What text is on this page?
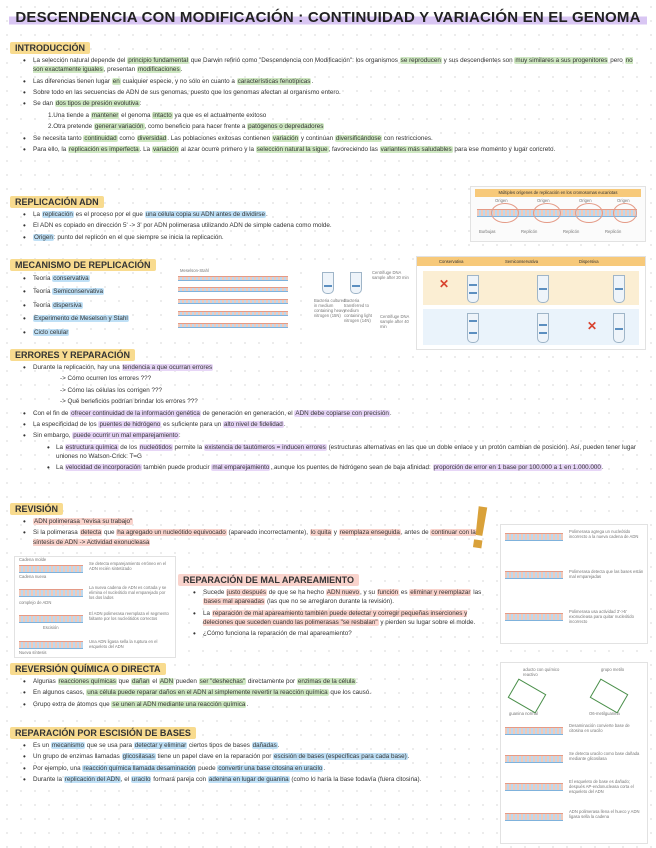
DESCENDENCIA CON MODIFICACIÓN : CONTINUIDAD Y VARIACIÓN EN EL GENOMA
INTRODUCCIÓN
• La selección natural depende del principio fundamental que Darwin refirió como "Descendencia con Modificación": los organismos se reproducen y sus descendientes son muy similares a sus progenitores pero no son exactamente iguales, presentan modificaciones.
• Las diferencias tienen lugar en cualquier especie, y no sólo en cuanto a características fenotípicas.
• Sobre todo en las secuencias de ADN de sus genomas, puesto que los genomas afectan al organismo entero.
• Se dan dos tipos de presión evolutiva:
1.Una tiende a mantener el genoma intacto ya que es el actualmente exitoso
2.Otra pretende generar variación, como beneficio para hacer frente a patógenos o depredadores
• Se necesita tanto continuidad como diversidad. Las poblaciones exitosas contienen variación y continúan diversificándose con restricciones.
• Para ello, la replicación es imperfecta. La variación al azar ocurre primero y la selección natural la sigue, favoreciendo las variantes más saludables para ese momento y lugar concreto.
REPLICACIÓN ADN
• La replicación es el proceso por el que una célula copia su ADN antes de dividirse.
• El ADN es copiado en dirección 5' -> 3' por ADN polimerasa utilizando ADN de simple cadena como molde.
• Origen: punto del replicón en el que siempre se inicia la replicación.
Múltiples orígenes de replicación en los cromosomas eucariotas
Origen	Origen	Origen	Origen
Burbujas	Replicón	Replicón	Replicón
MECANISMO DE REPLICACIÓN
• Teoría conservativa
• Teoría Semiconservativa
• Teoría dispersiva
• Experimento de Meselson y Stahl
• Ciclo celular
Meselson-Stahl	Centrifuge DNA sample after 20 min
Bacteria cultured in medium containing heavy nitrogen (15N)
Bacteria transferred to medium containing light nitrogen (14N)
Centrifuge DNA sample after 40 min
Conservativa	Semiconservativa	Dispersiva
✕
✕
ERRORES Y REPARACIÓN
• Durante la replicación, hay una tendencia a que ocurran errores
-> Cómo ocurren los errores ???
-> Cómo las células los corrigen ???
-> Qué beneficios podrían brindar los errores ???
• Con el fin de ofrecer continuidad de la información genética de generación en generación, el ADN debe copiarse con precisión.
• La especificidad de los puentes de hidrógeno es suficiente para un alto nivel de fidelidad.
• Sin embargo, puede ocurrir un mal emparejamiento:
• La estructura química de los nucleótidos permite la existencia de tautómeros = inducen errores (estructuras alternativas en las que un doble enlace y un protón cambian de posición). Así, pueden tener lugar uniones no Watson-Crick: T=G
• La velocidad de incorporación también puede producir mal emparejamiento, aunque los puentes de hidrógeno sean de baja afinidad: proporción de error en 1 base por 100.000 a 1 en 1.000.000.
REVISIÓN
• ADN polimerasa "revisa su trabajo"
• Si la polimerasa detecta que ha agregado un nucleótido equivocado (apareado incorrectamente), lo quita y reemplaza enseguida, antes de continuar con la síntesis de ADN -> Actividad exonucleasa	!
Se detecta emparejamiento erróneo en el ADN recién sintetizado
La nueva cadena de ADN es cortada y se elimina el nucleótido mal emparejado por los dos lados
El ADN polimerasa reemplaza el segmento faltante por los nucleótidos correctos
Una ADN ligasa sella la ruptura en el esqueleto del ADN
Cadena molde
Cadena nueva
complejo de ADN
Escisión
Nueva síntesis
Polimerasa agrega un nucleótido incorrecto a la nueva cadena de ADN
Polimerasa detecta que las bases están mal emparejadas
Polimerasa usa actividad 3'->5' exonucleasa para quitar nucleótido incorrecto
REPARACIÓN DE MAL APAREAMIENTO
• Sucede justo después de que se ha hecho ADN nuevo, y su función es eliminar y reemplazar las bases mal apareadas (las que no se arreglaron durante la revisión).
• La reparación de mal apareamiento también puede detectar y corregir pequeñas inserciones y deleciones que suceden cuando las polimerasas "se resbalan" y pierden su lugar sobre el molde.
• ¿Cómo funciona la reparación de mal apareamiento?
REVERSIÓN QUÍMICA O DIRECTA
• Algunas reacciones químicas que dañan el ADN pueden ser "deshechas" directamente por enzimas de la célula.
• En algunos casos, una célula puede reparar daños en el ADN al simplemente revertir la reacción química que los causó.
• Grupo extra de átomos que se unen al ADN mediante una reacción química.
REPARACIÓN POR ESCISIÓN DE BASES
• Es un mecanismo que se usa para detectar y eliminar ciertos tipos de bases dañadas.
• Un grupo de enzimas llamadas glicosilasas tiene un papel clave en la reparación por escisión de bases (específicas para cada base).
• Por ejemplo, una reacción química llamada desaminación puede convertir una base citosina en uracilo.
• Durante la replicación del ADN, el uracilo formará pareja con adenina en lugar de guanina (como lo haría la base todavía (fuera citosina).
aducto con químico reactivo
grupo metilo
guanina normal	O6-metilguanina
Desaminación convierte base de citosina en uracilo
Se detecta uracilo como base dañada mediante glicosilasa
El esqueleto de base es dañado; después AP-endonucleasa corta el esqueleto del ADN
ADN polimerasa llena el hueco y ADN ligasa sella la cadena
